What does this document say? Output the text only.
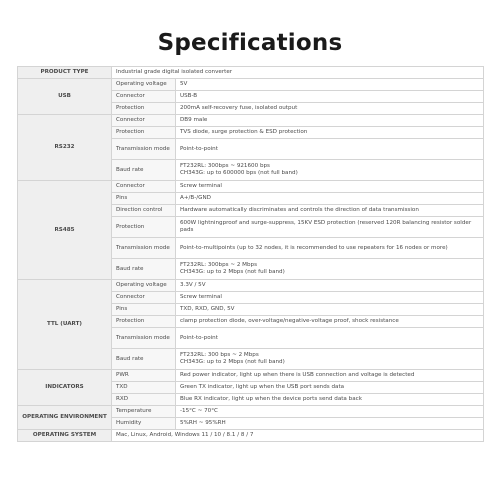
Specifications
PRODUCT TYPE	Industrial grade digital isolated converter	
USB	Operating voltage	5V
	Connector	USB-B
	Protection	200mA self-recovery fuse, isolated output
RS232	Connector	DB9 male
	Protection	TVS diode, surge protection & ESD protection
	Transmission mode	Point-to-point
	Baud rate	FT232RL: 300bps ~ 921600 bps
CH343G: up to 600000 bps (not full band)

RS485	Connector	Screw terminal
	Pins	A+/B-/GND
	Direction control	Hardware automatically discriminates and controls the direction of data transmission
	Protection	600W lightningproof and surge-suppress, 15KV ESD protection (reserved 120R balancing resistor solder pads
	Transmission mode	Point-to-multipoints (up to 32 nodes, it is recommended to use repeaters for 16 nodes or more)
	Baud rate	FT232RL: 300bps ~ 2 Mbps
CH343G: up to 2 Mbps (not full band)

TTL (UART)	Operating voltage	3.3V / 5V
	Connector	Screw terminal
	Pins	TXD, RXD, GND, 5V
	Protection	clamp protection diode, over-voltage/negative-voltage proof, shock resistance
	Transmission mode	Point-to-point
	Baud rate	FT232RL: 300 bps ~ 2 Mbps
CH343G: up to 2 Mbps (not full band)

INDICATORS	PWR	Red power indicator, light up when there is USB connection and voltage is detected
	TXD	Green TX indicator, light up when the USB port sends data
	RXD	Blue RX indicator, light up when the device ports send data back
OPERATING ENVIRONMENT	Temperature	-15°C ~ 70°C
	Humidity	5%RH ~ 95%RH
OPERATING SYSTEM	Mac, Linux, Android, Windows 11 / 10 / 8.1 / 8 / 7	
